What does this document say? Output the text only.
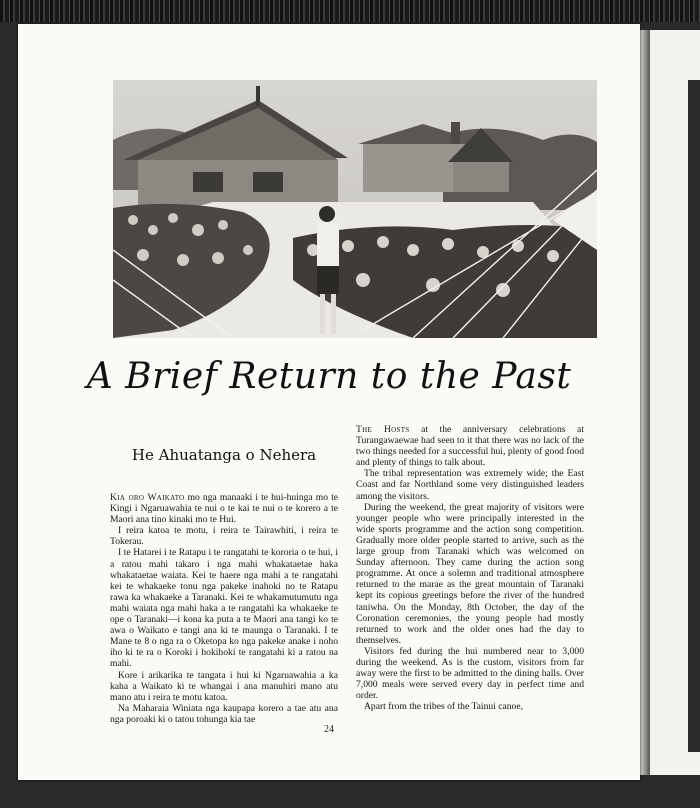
A Brief Return to the Past
He Ahuatanga o Nehera

Kia oro Waikato mo nga manaaki i te hui-huinga mo te Kingi i Ngaruawahia te nui o te kai te nui o te korero a te Maori ana tino kinaki mo te Hui.

I reira katoa te motu, i reira te Tairawhiti, i reira te Tokerau.

I te Hatarei i te Ratapu i te rangatahi te kororia o te hui, i a ratou mahi takaro i nga mahi whakataetae haka whakataetae waiata. Kei te haere nga mahi a te rangatahi kei te whakaeke tonu nga pakeke inahoki no te Ratapu rawa ka whakaeke a Taranaki. Kei te whakamutumutu nga mahi waiata nga mahi haka a te rangatahi ka whakaeke te ope o Taranaki—i kona ka puta a te Maori ana tangi ko te awa o Waikato e tangi ana ki te maunga o Taranaki. I te Mane te 8 o nga ra o Oketopa ko nga pakeke anake i noho iho ki te ra o Koroki i hokihoki te rangatahi ki a ratou na mahi.

Kore i arikarika te tangata i hui ki Ngaruawahia a ka kaha a Waikato ki te whangai i ana manuhiri mano atu mano atu i reira te motu katoa.

Na Maharaia Winiata nga kaupapa korero a tae atu ana nga poroaki ki o tatou tohunga kia tae

The Hosts at the anniversary celebrations at Turangawaewae had seen to it that there was no lack of the two things needed for a successful hui, plenty of good food and plenty of things to talk about.

The tribal representation was extremely wide; the East Coast and far Northland some very distinguished leaders among the visitors.

During the weekend, the great majority of visitors were younger people who were principally interested in the wide sports programme and the action song competition. Gradually more older people started to arrive, such as the large group from Taranaki which was welcomed on Sunday afternoon. They came during the action song programme. At once a solemn and traditional atmosphere returned to the marae as the great mountain of Taranaki kept its copious greetings before the river of the hundred taniwha. On the Monday, 8th October, the day of the Coronation ceremonies, the young people had mostly returned to work and the older ones had the day to themselves.

Visitors fed during the hui numbered near to 3,000 during the weekend. As is the custom, visitors from far away were the first to be admitted to the dining halls. Over 7,000 meals were served every day in perfect time and order.

Apart from the tribes of the Tainui canoe,

24
